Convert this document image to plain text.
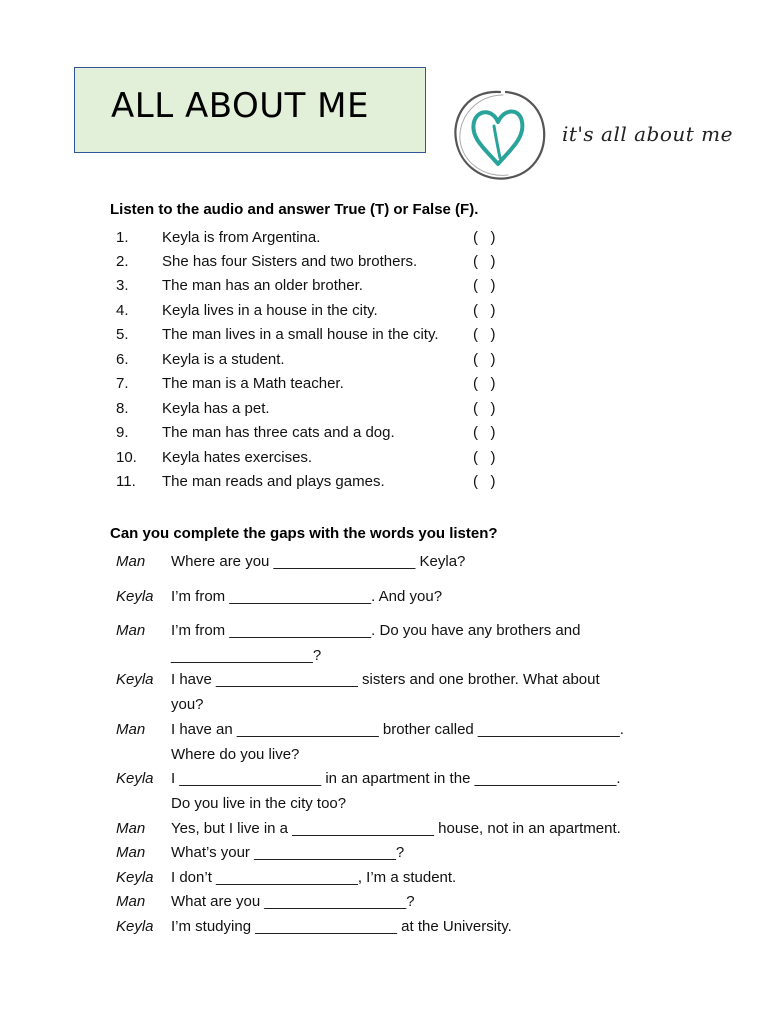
ALL ABOUT ME
it's all about me
Listen to the audio and answer True (T) or False (F).
1.	Keyla is from Argentina.	(   )
2.	She has four Sisters and two brothers.	(   )
3.	The man has an older brother.	(   )
4.	Keyla lives in a house in the city.	(   )
5.	The man lives in a small house in the city. (   )
6.	Keyla is a student.	(   )
7.	The man is a Math teacher.	(   )
8.	Keyla has a pet.	(   )
9.	The man has three cats and a dog.	(   )
10.	Keyla hates exercises.	(   )
11.	The man reads and plays games.	(   )
Can you complete the gaps with the words you listen?
Man Where are you _________________ Keyla?
Keyla I’m from _________________. And you?
Man I’m from _________________. Do you have any brothers and
_________________?
Keyla I have _________________ sisters and one brother. What about
you?
Man I have an _________________ brother called _________________.
Where do you live?
Keyla I _________________ in an apartment in the _________________.
Do you live in the city too?
Man Yes, but I live in a _________________ house, not in an apartment.
Man What’s your _________________?
Keyla I don’t _________________, I’m a student.
Man What are you _________________?
Keyla I’m studying _________________ at the University.
